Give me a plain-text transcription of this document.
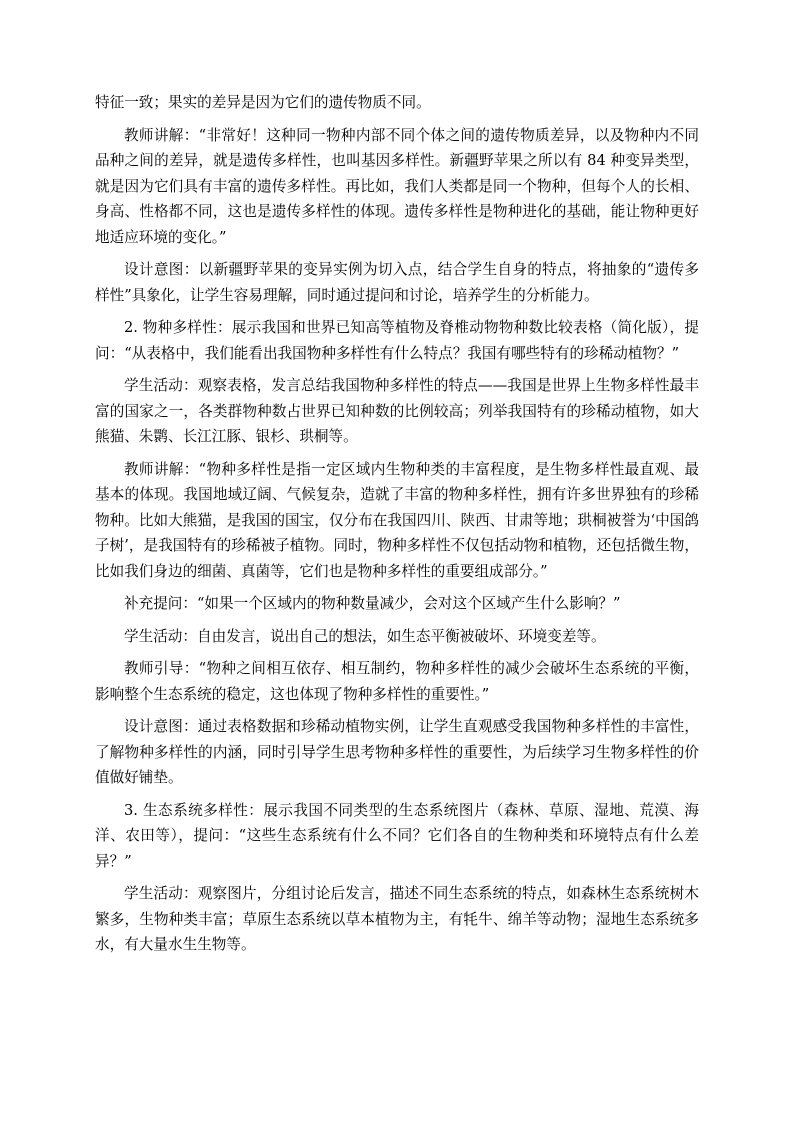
特征一致；果实的差异是因为它们的遗传物质不同。

教师讲解：“非常好！这种同一物种内部不同个体之间的遗传物质差异，以及物种内不同品种之间的差异，就是遗传多样性，也叫基因多样性。新疆野苹果之所以有 84 种变异类型，就是因为它们具有丰富的遗传多样性。再比如，我们人类都是同一个物种，但每个人的长相、身高、性格都不同，这也是遗传多样性的体现。遗传多样性是物种进化的基础，能让物种更好地适应环境的变化。”

设计意图：以新疆野苹果的变异实例为切入点，结合学生自身的特点，将抽象的“遗传多样性”具象化，让学生容易理解，同时通过提问和讨论，培养学生的分析能力。

2. 物种多样性：展示我国和世界已知高等植物及脊椎动物物种数比较表格（简化版），提问：“从表格中，我们能看出我国物种多样性有什么特点？我国有哪些特有的珍稀动植物？”

学生活动：观察表格，发言总结我国物种多样性的特点——我国是世界上生物多样性最丰富的国家之一，各类群物种数占世界已知种数的比例较高；列举我国特有的珍稀动植物，如大熊猫、朱鹮、长江江豚、银杉、珙桐等。

教师讲解：“物种多样性是指一定区域内生物种类的丰富程度，是生物多样性最直观、最基本的体现。我国地域辽阔、气候复杂，造就了丰富的物种多样性，拥有许多世界独有的珍稀物种。比如大熊猫，是我国的国宝，仅分布在我国四川、陕西、甘肃等地；珙桐被誉为‘中国鸽子树’，是我国特有的珍稀被子植物。同时，物种多样性不仅包括动物和植物，还包括微生物，比如我们身边的细菌、真菌等，它们也是物种多样性的重要组成部分。”

补充提问：“如果一个区域内的物种数量减少，会对这个区域产生什么影响？”

学生活动：自由发言，说出自己的想法，如生态平衡被破坏、环境变差等。

教师引导：“物种之间相互依存、相互制约，物种多样性的减少会破坏生态系统的平衡，影响整个生态系统的稳定，这也体现了物种多样性的重要性。”

设计意图：通过表格数据和珍稀动植物实例，让学生直观感受我国物种多样性的丰富性，了解物种多样性的内涵，同时引导学生思考物种多样性的重要性，为后续学习生物多样性的价值做好铺垫。

3. 生态系统多样性：展示我国不同类型的生态系统图片（森林、草原、湿地、荒漠、海洋、农田等），提问：“这些生态系统有什么不同？它们各自的生物种类和环境特点有什么差异？”

学生活动：观察图片，分组讨论后发言，描述不同生态系统的特点，如森林生态系统树木繁多，生物种类丰富；草原生态系统以草本植物为主，有牦牛、绵羊等动物；湿地生态系统多水，有大量水生生物等。
